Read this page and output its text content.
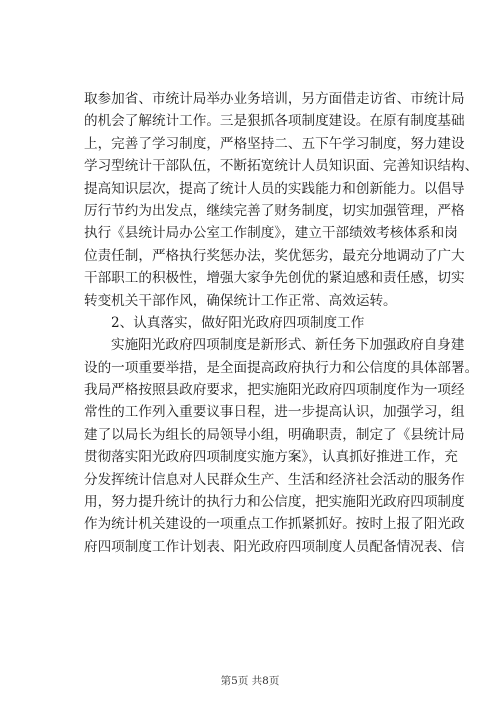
取参加省、市统计局举办业务培训，另方面借走访省、市统计局
的机会了解统计工作。三是狠抓各项制度建设。在原有制度基础
上，完善了学习制度，严格坚持二、五下午学习制度，努力建设
学习型统计干部队伍，不断拓宽统计人员知识面、完善知识结构、
提高知识层次，提高了统计人员的实践能力和创新能力。以倡导
厉行节约为出发点，继续完善了财务制度，切实加强管理，严格
执行《县统计局办公室工作制度》，建立干部绩效考核体系和岗
位责任制，严格执行奖惩办法，奖优惩劣，最充分地调动了广大
干部职工的积极性，增强大家争先创优的紧迫感和责任感，切实
转变机关干部作风，确保统计工作正常、高效运转。
2、认真落实，做好阳光政府四项制度工作
实施阳光政府四项制度是新形式、新任务下加强政府自身建
设的一项重要举措，是全面提高政府执行力和公信度的具体部署。
我局严格按照县政府要求，把实施阳光政府四项制度作为一项经
常性的工作列入重要议事日程，进一步提高认识，加强学习，组
建了以局长为组长的局领导小组，明确职责，制定了《县统计局
贯彻落实阳光政府四项制度实施方案》，认真抓好推进工作，充
分发挥统计信息对人民群众生产、生活和经济社会活动的服务作
用，努力提升统计的执行力和公信度，把实施阳光政府四项制度
作为统计机关建设的一项重点工作抓紧抓好。按时上报了阳光政
府四项制度工作计划表、阳光政府四项制度人员配备情况表、信
第5页 共8页
